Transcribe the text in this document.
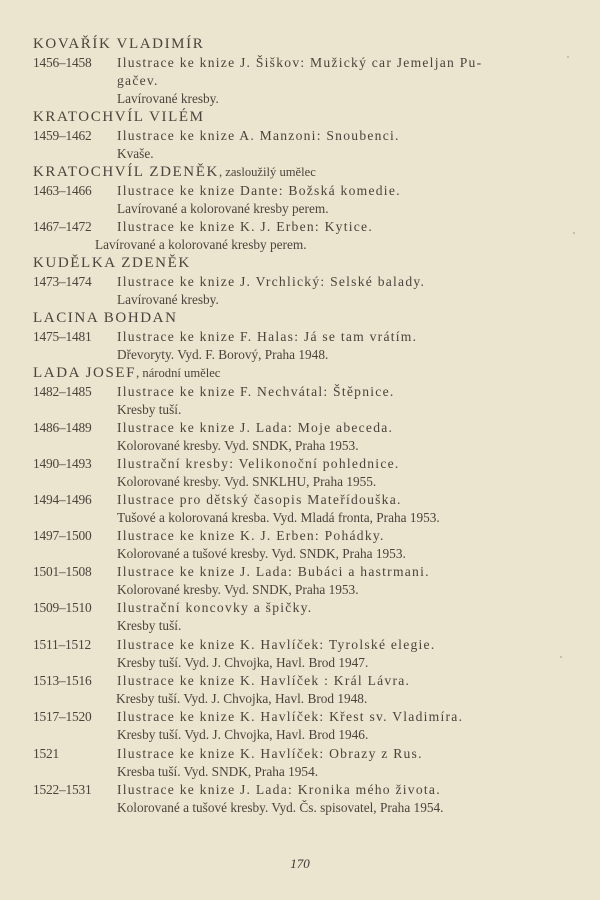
KOVAŘÍK VLADIMÍR
1456–1458 Ilustrace ke knize J. Šiškov: Mužický car Jemeljan Pu-
gačev.
Lavírované kresby.
KRATOCHVÍL VILÉM
1459–1462 Ilustrace ke knize A. Manzoni: Snoubenci.
Kvaše.
KRATOCHVÍL ZDENĚK, zasloužilý umělec
1463–1466 Ilustrace ke knize Dante: Božská komedie.
Lavírované a kolorované kresby perem.
1467–1472 Ilustrace ke knize K. J. Erben: Kytice.
Lavírované a kolorované kresby perem.
KUDĚLKA ZDENĚK
1473–1474 Ilustrace ke knize J. Vrchlický: Selské balady.
Lavírované kresby.
LACINA BOHDAN
1475–1481 Ilustrace ke knize F. Halas: Já se tam vrátím.
Dřevoryty. Vyd. F. Borový, Praha 1948.
LADA JOSEF, národní umělec
1482–1485 Ilustrace ke knize F. Nechvátal: Štěpnice.
Kresby tuší.
1486–1489 Ilustrace ke knize J. Lada: Moje abeceda.
Kolorované kresby. Vyd. SNDK, Praha 1953.
1490–1493 Ilustrační kresby: Velikonoční pohlednice.
Kolorované kresby. Vyd. SNKLHU, Praha 1955.
1494–1496 Ilustrace pro dětský časopis Mateřídouška.
Tušové a kolorovaná kresba. Vyd. Mladá fronta, Praha 1953.
1497–1500 Ilustrace ke knize K. J. Erben: Pohádky.
Kolorované a tušové kresby. Vyd. SNDK, Praha 1953.
1501–1508 Ilustrace ke knize J. Lada: Bubáci a hastrmani.
Kolorované kresby. Vyd. SNDK, Praha 1953.
1509–1510 Ilustrační koncovky a špičky.
Kresby tuší.
1511–1512 Ilustrace ke knize K. Havlíček: Tyrolské elegie.
Kresby tuší. Vyd. J. Chvojka, Havl. Brod 1947.
1513–1516 Ilustrace ke knize K. Havlíček : Král Lávra.
Kresby tuší. Vyd. J. Chvojka, Havl. Brod 1948.
1517–1520 Ilustrace ke knize K. Havlíček: Křest sv. Vladimíra.
Kresby tuší. Vyd. J. Chvojka, Havl. Brod 1946.
1521	Ilustrace ke knize K. Havlíček: Obrazy z Rus.
Kresba tuší. Vyd. SNDK, Praha 1954.
1522–1531 Ilustrace ke knize J. Lada: Kronika mého života.
Kolorované a tušové kresby. Vyd. Čs. spisovatel, Praha 1954.
170
